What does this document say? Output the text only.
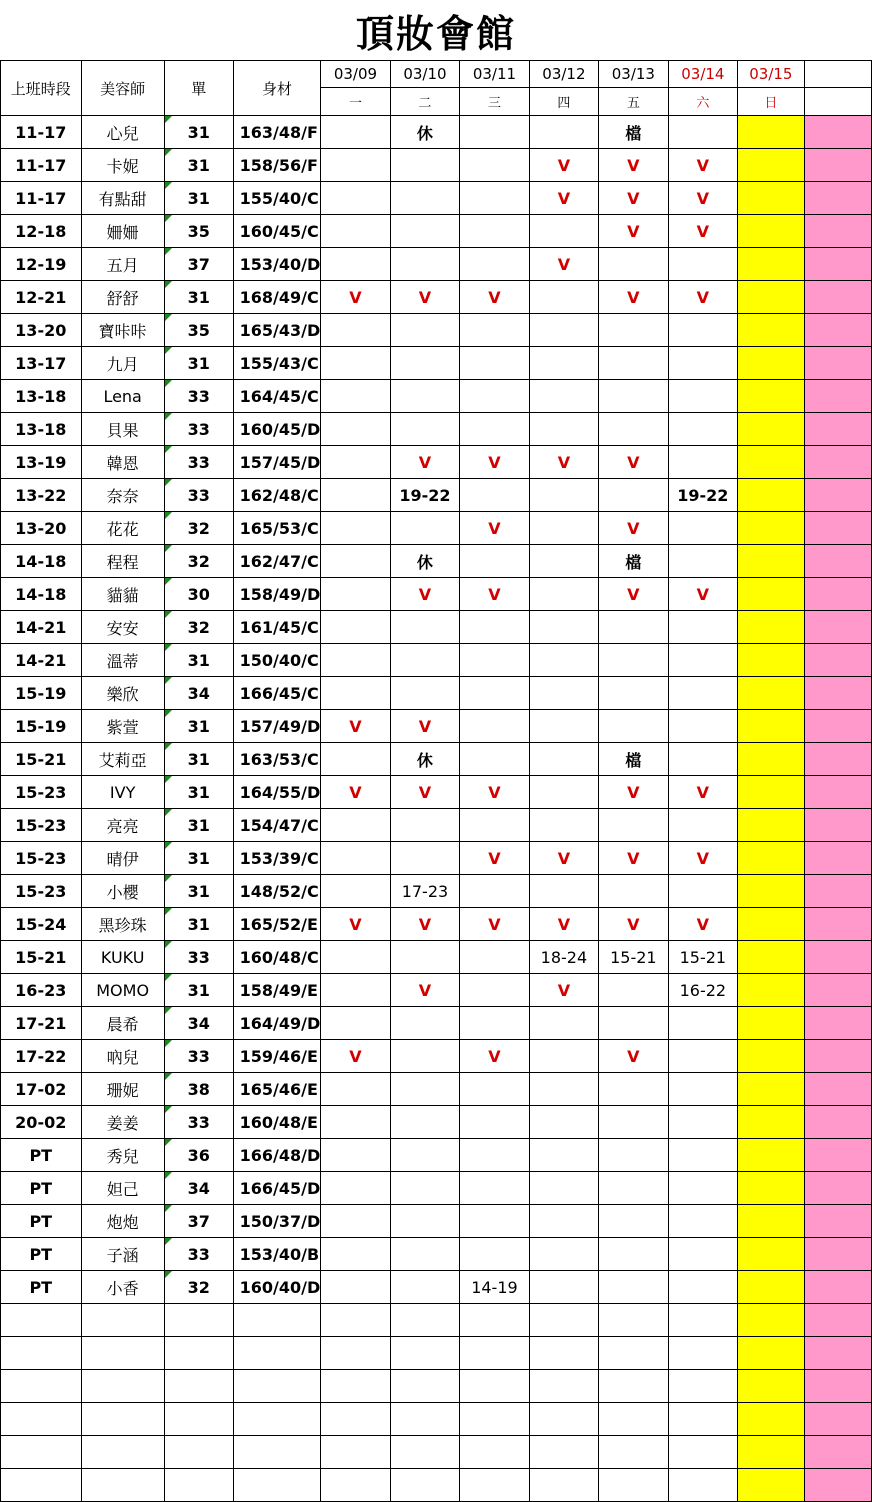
頂妝會館
上班時段	美容師	單	身材	03/09	03/10	03/11	03/12	03/13	03/14	03/15	
				一	二	三	四	五	六	日	
11-17	心兒	31	163/48/F		休			檔			
11-17	卡妮	31	158/56/F				V	V	V		
11-17	有點甜	31	155/40/C				V	V	V		
12-18	姍姍	35	160/45/C					V	V		
12-19	五月	37	153/40/D				V				
12-21	舒舒	31	168/49/C	V	V	V		V	V		
13-20	寶咔咔	35	165/43/D								
13-17	九月	31	155/43/C								
13-18	Lena	33	164/45/C								
13-18	貝果	33	160/45/D								
13-19	韓恩	33	157/45/D		V	V	V	V			
13-22	奈奈	33	162/48/C		19-22				19-22		
13-20	花花	32	165/53/C			V		V			
14-18	程程	32	162/47/C		休			檔			
14-18	貓貓	30	158/49/D		V	V		V	V		
14-21	安安	32	161/45/C								
14-21	溫蒂	31	150/40/C								
15-19	樂欣	34	166/45/C								
15-19	紫萱	31	157/49/D	V	V						
15-21	艾莉亞	31	163/53/C		休			檔			
15-23	IVY	31	164/55/D	V	V	V		V	V		
15-23	亮亮	31	154/47/C								
15-23	晴伊	31	153/39/C			V	V	V	V		
15-23	小櫻	31	148/52/C		17-23						
15-24	黑珍珠	31	165/52/E	V	V	V	V	V	V		
15-21	KUKU	33	160/48/C				18-24	15-21	15-21		
16-23	MOMO	31	158/49/E		V		V		16-22		
17-21	晨希	34	164/49/D								
17-22	吶兒	33	159/46/E	V		V		V			
17-02	珊妮	38	165/46/E								
20-02	姜姜	33	160/48/E								
PT	秀兒	36	166/48/D								
PT	妲己	34	166/45/D								
PT	炮炮	37	150/37/D								
PT	子涵	33	153/40/B								
PT	小香	32	160/40/D			14-19					
